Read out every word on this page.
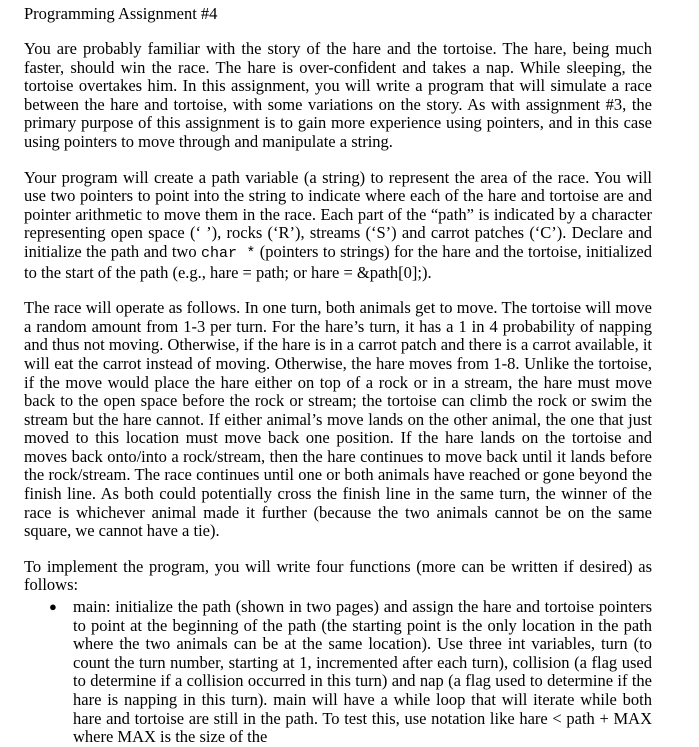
Programming Assignment #4

You are probably familiar with the story of the hare and the tortoise. The hare, being much faster, should win the race. The hare is over-confident and takes a nap. While sleeping, the tortoise overtakes him. In this assignment, you will write a program that will simulate a race between the hare and tortoise, with some variations on the story. As with assignment #3, the primary purpose of this assignment is to gain more experience using pointers, and in this case using pointers to move through and manipulate a string.

Your program will create a path variable (a string) to represent the area of the race. You will use two pointers to point into the string to indicate where each of the hare and tortoise are and pointer arithmetic to move them in the race. Each part of the “path” is indicated by a character representing open space (‘ ’), rocks (‘R’), streams (‘S’) and carrot patches (‘C’). Declare and initialize the path and two char * (pointers to strings) for the hare and the tortoise, initialized to the start of the path (e.g., hare = path; or hare = &path[0];).

The race will operate as follows. In one turn, both animals get to move. The tortoise will move a random amount from 1-3 per turn. For the hare’s turn, it has a 1 in 4 probability of napping and thus not moving. Otherwise, if the hare is in a carrot patch and there is a carrot available, it will eat the carrot instead of moving. Otherwise, the hare moves from 1-8. Unlike the tortoise, if the move would place the hare either on top of a rock or in a stream, the hare must move back to the open space before the rock or stream; the tortoise can climb the rock or swim the stream but the hare cannot. If either animal’s move lands on the other animal, the one that just moved to this location must move back one position. If the hare lands on the tortoise and moves back onto/into a rock/stream, then the hare continues to move back until it lands before the rock/stream. The race continues until one or both animals have reached or gone beyond the finish line. As both could potentially cross the finish line in the same turn, the winner of the race is whichever animal made it further (because the two animals cannot be on the same square, we cannot have a tie).

To implement the program, you will write four functions (more can be written if desired) as follows:

● main: initialize the path (shown in two pages) and assign the hare and tortoise pointers to point at the beginning of the path (the starting point is the only location in the path where the two animals can be at the same location). Use three int variables, turn (to count the turn number, starting at 1, incremented after each turn), collision (a flag used to determine if a collision occurred in this turn) and nap (a flag used to determine if the hare is napping in this turn). main will have a while loop that will iterate while both hare and tortoise are still in the path. To test this, use notation like hare < path + MAX where MAX is the size of the
